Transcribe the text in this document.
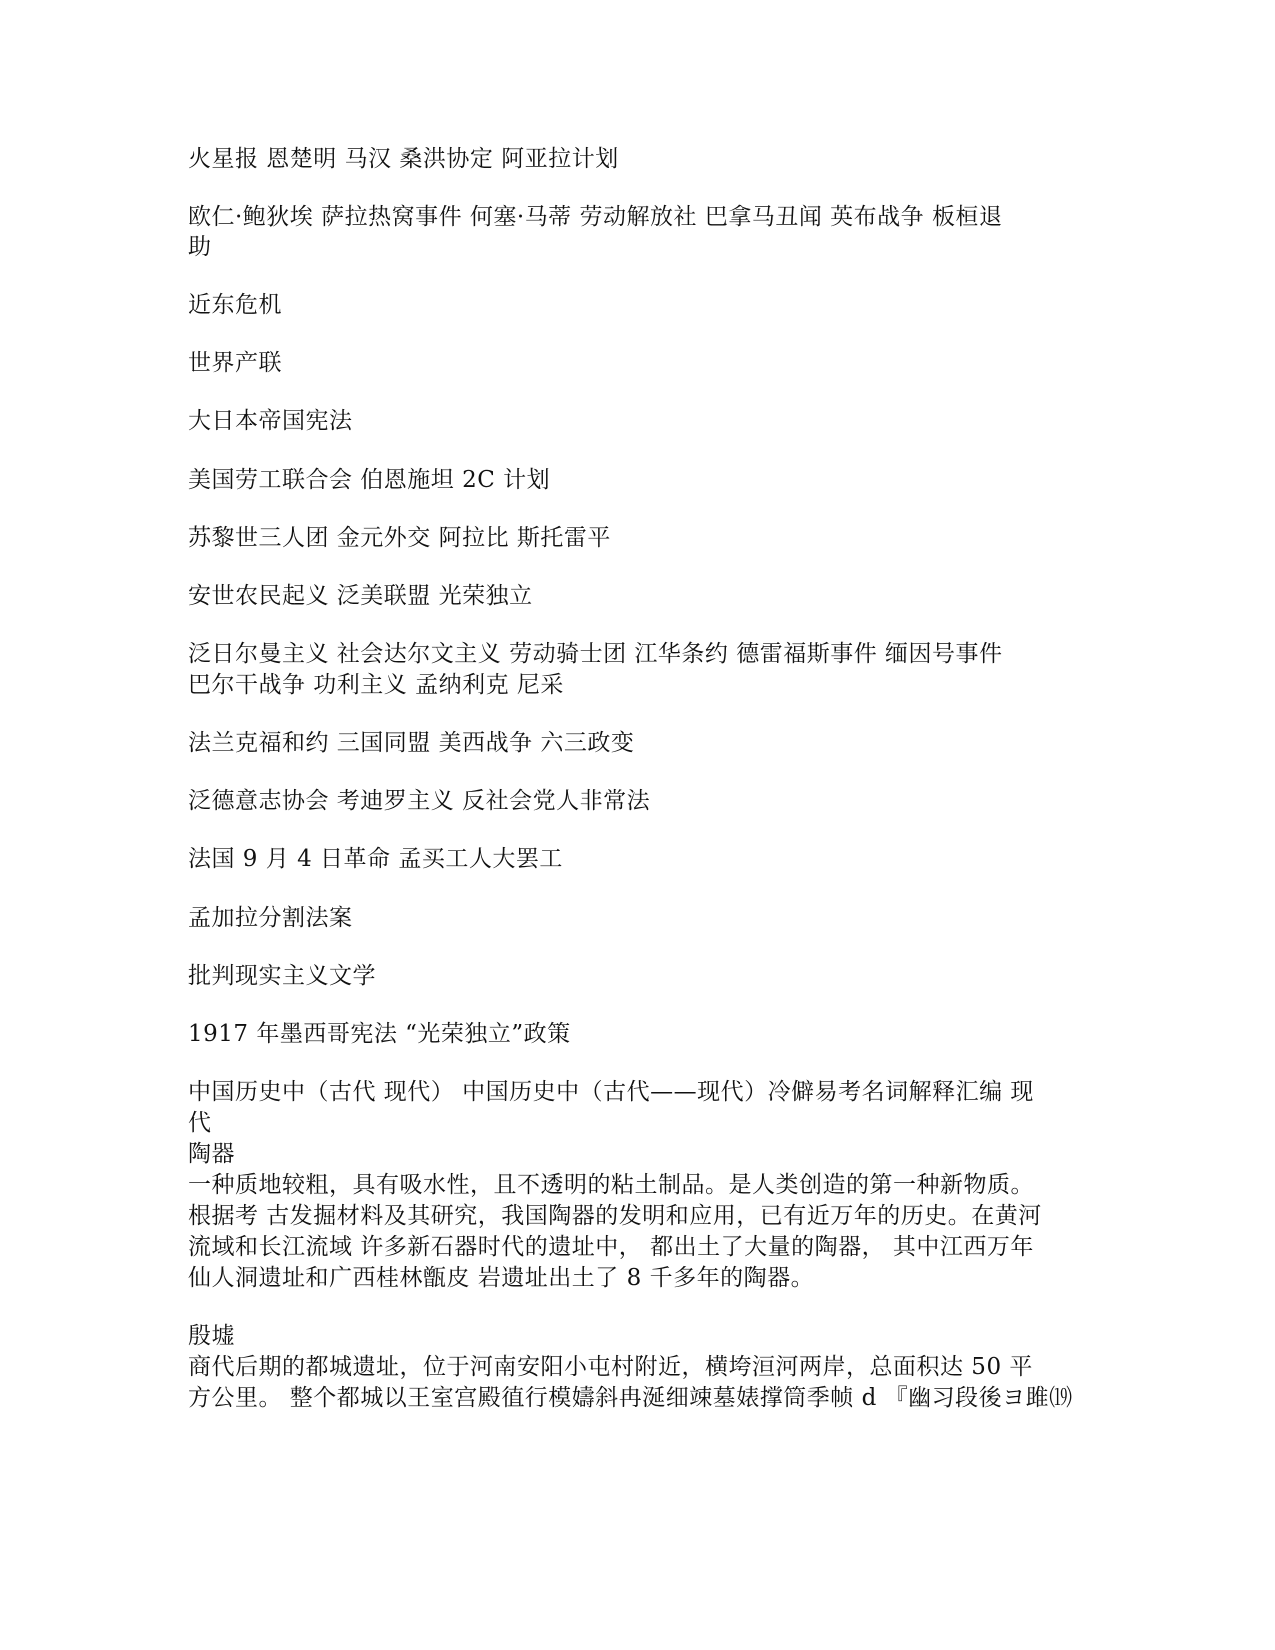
火星报 恩楚明 马汉 桑洪协定 阿亚拉计划
欧仁·鲍狄埃 萨拉热窝事件 何塞·马蒂 劳动解放社 巴拿马丑闻 英布战争 板桓退
助
近东危机
世界产联
大日本帝国宪法
美国劳工联合会 伯恩施坦 2C 计划
苏黎世三人团 金元外交 阿拉比 斯托雷平
安世农民起义 泛美联盟 光荣独立
泛日尔曼主义 社会达尔文主义 劳动骑士团 江华条约 德雷福斯事件 缅因号事件
巴尔干战争 功利主义 孟纳利克 尼采
法兰克福和约 三国同盟 美西战争 六三政变
泛德意志协会 考迪罗主义 反社会党人非常法
法国 9 月 4 日革命 孟买工人大罢工
孟加拉分割法案
批判现实主义文学
1917 年墨西哥宪法 “光荣独立”政策
中国历史中（古代 现代） 中国历史中（古代——现代）冷僻易考名词解释汇编 现
代
陶器
一种质地较粗，具有吸水性，且不透明的粘土制品。是人类创造的第一种新物质。
根据考 古发掘材料及其研究，我国陶器的发明和应用，已有近万年的历史。在黄河
流域和长江流域 许多新石器时代的遗址中， 都出土了大量的陶器， 其中江西万年
仙人洞遗址和广西桂林甑皮 岩遗址出土了 8 千多年的陶器。
殷墟
商代后期的都城遗址，位于河南安阳小屯村附近，横垮洹河两岸，总面积达 50 平
方公里。 整个都城以王室宫殿徝行模嬦斜冉涎细竦墓婊撑筒季帧 d 『幽习段後ヨ雎⒆
